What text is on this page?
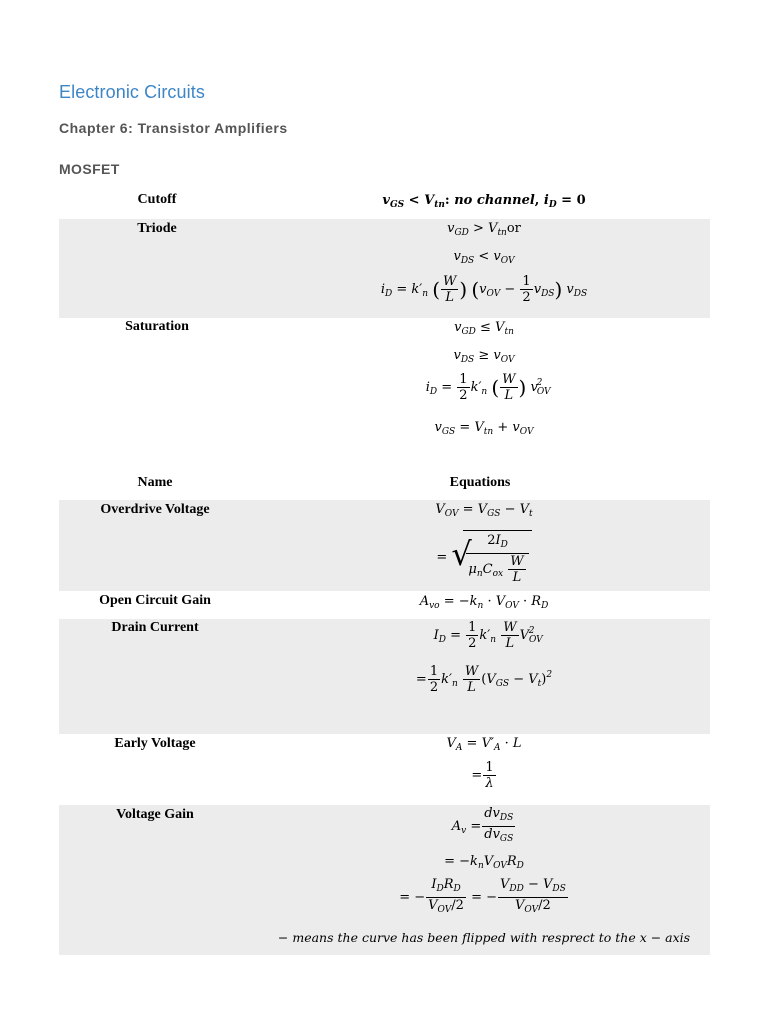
Electronic Circuits
Chapter 6: Transistor Amplifiers
MOSFET
Cutoff
Triode
Saturation
$v_{GS} < V_{tn}$: no channel, $i_D = 0$
$v_{GD} > V_{tn}or$
$v_{DS} < v_{OV}$
$i_D = k'_n$ ( $\frac{W}{L}$ ) $(v_{OV} - \frac{1}{2} v_{DS})$ $v_{DS}$
$v_{GD} \le V_{tn}$
$v_{DS} \ge v_{OV}$
$i_D = \frac{1}{2} k'_n$ ( $\frac{W}{L}$ ) $v_{OV}^2$
$v_{GS} = V_{tn} + v_{OV}$
Name	Equations
Overdrive Voltage
Open Circuit Gain
Drain Current
Early Voltage
Voltage Gain
$V_{OV} = V_{GS} - V_t$
= √
$\frac{2I_D}{\mu_nC_{ox} \frac{W}{L}}$
$A_{vo} = -k_n \cdot V_{OV} \cdot R_D$
$I_D = \frac{1}{2} k'_n \frac{W}{L} V_{OV}^2$
= $\frac{1}{2} k'_n \frac{W}{L} (V_{GS} - V_t)^2$
$V_A = V'_A \cdot L$
= $\frac{1}{\lambda}$
$A_v = \frac{dv_{DS}}{dv_{GS}}$
= $-k_nV_{OV}R_D$
= − $\frac{I_DR_D}{V_{OV}/2}$ = − $\frac{V_{DD} - V_{DS}}{V_{OV}/2}$
− means the curve has been flipped with resprect to the x − axis
